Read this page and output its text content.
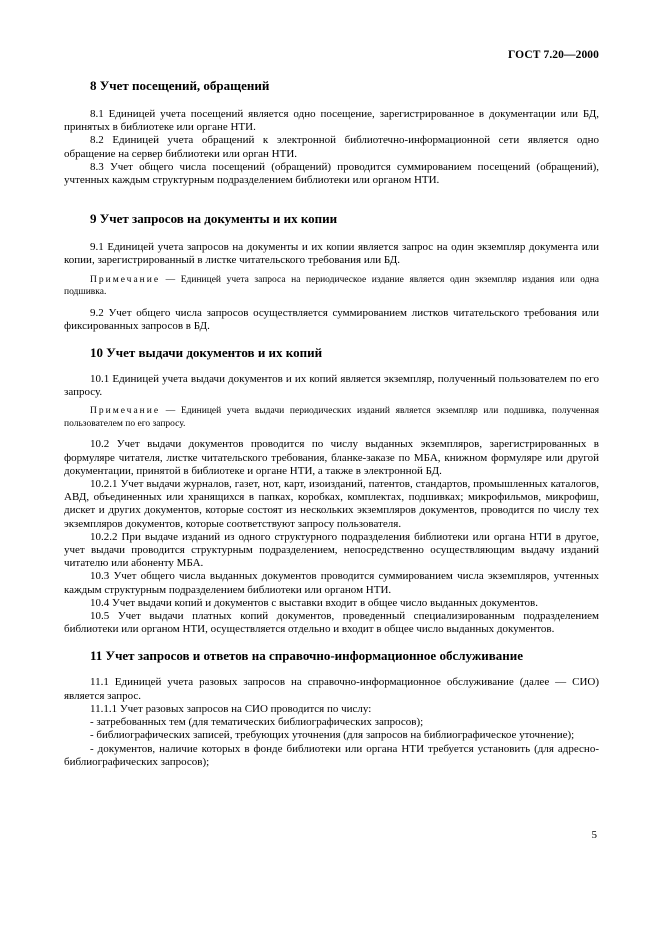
ГОСТ 7.20—2000
8 Учет посещений, обращений

8.1 Единицей учета посещений является одно посещение, зарегистрированное в документации или БД, принятых в библиотеке или органе НТИ.

8.2 Единицей учета обращений к электронной библиотечно-информационной сети является одно обращение на сервер библиотеки или орган НТИ.

8.3 Учет общего числа посещений (обращений) проводится суммированием посещений (обращений), учтенных каждым структурным подразделением библиотеки или органом НТИ.

9 Учет запросов на документы и их копии

9.1 Единицей учета запросов на документы и их копии является запрос на один экземпляр документа или копии, зарегистрированный в листке читательского требования или БД.

Примечание — Единицей учета запроса на периодическое издание является один экземпляр издания или одна подшивка.

9.2 Учет общего числа запросов осуществляется суммированием листков читательского требования или фиксированных запросов в БД.

10 Учет выдачи документов и их копий

10.1 Единицей учета выдачи документов и их копий является экземпляр, полученный пользователем по его запросу.

Примечание — Единицей учета выдачи периодических изданий является экземпляр или подшивка, полученная пользователем по его запросу.

10.2 Учет выдачи документов проводится по числу выданных экземпляров, зарегистрированных в формуляре читателя, листке читательского требования, бланке-заказе по МБА, книжном формуляре или другой документации, принятой в библиотеке и органе НТИ, а также в электронной БД.

10.2.1 Учет выдачи журналов, газет, нот, карт, изоизданий, патентов, стандартов, промышленных каталогов, АВД, объединенных или хранящихся в папках, коробках, комплектах, подшивках; микрофильмов, микрофиш, дискет и других документов, которые состоят из нескольких экземпляров документов, проводится по числу тех экземпляров документов, которые соответствуют запросу пользователя.

10.2.2 При выдаче изданий из одного структурного подразделения библиотеки или органа НТИ в другое, учет выдачи проводится структурным подразделением, непосредственно осуществляющим выдачу изданий читателю или абоненту МБА.

10.3 Учет общего числа выданных документов проводится суммированием числа экземпляров, учтенных каждым структурным подразделением библиотеки или органом НТИ.

10.4 Учет выдачи копий и документов с выставки входит в общее число выданных документов.

10.5 Учет выдачи платных копий документов, проведенный специализированным подразделением библиотеки или органом НТИ, осуществляется отдельно и входит в общее число выданных документов.

11 Учет запросов и ответов на справочно-информационное обслуживание

11.1 Единицей учета разовых запросов на справочно-информационное обслуживание (далее — СИО) является запрос.

11.1.1 Учет разовых запросов на СИО проводится по числу:

- затребованных тем (для тематических библиографических запросов);

- библиографических записей, требующих уточнения (для запросов на библиографическое уточнение);

- документов, наличие которых в фонде библиотеки или органа НТИ требуется установить (для адресно-библиографических запросов);

5
